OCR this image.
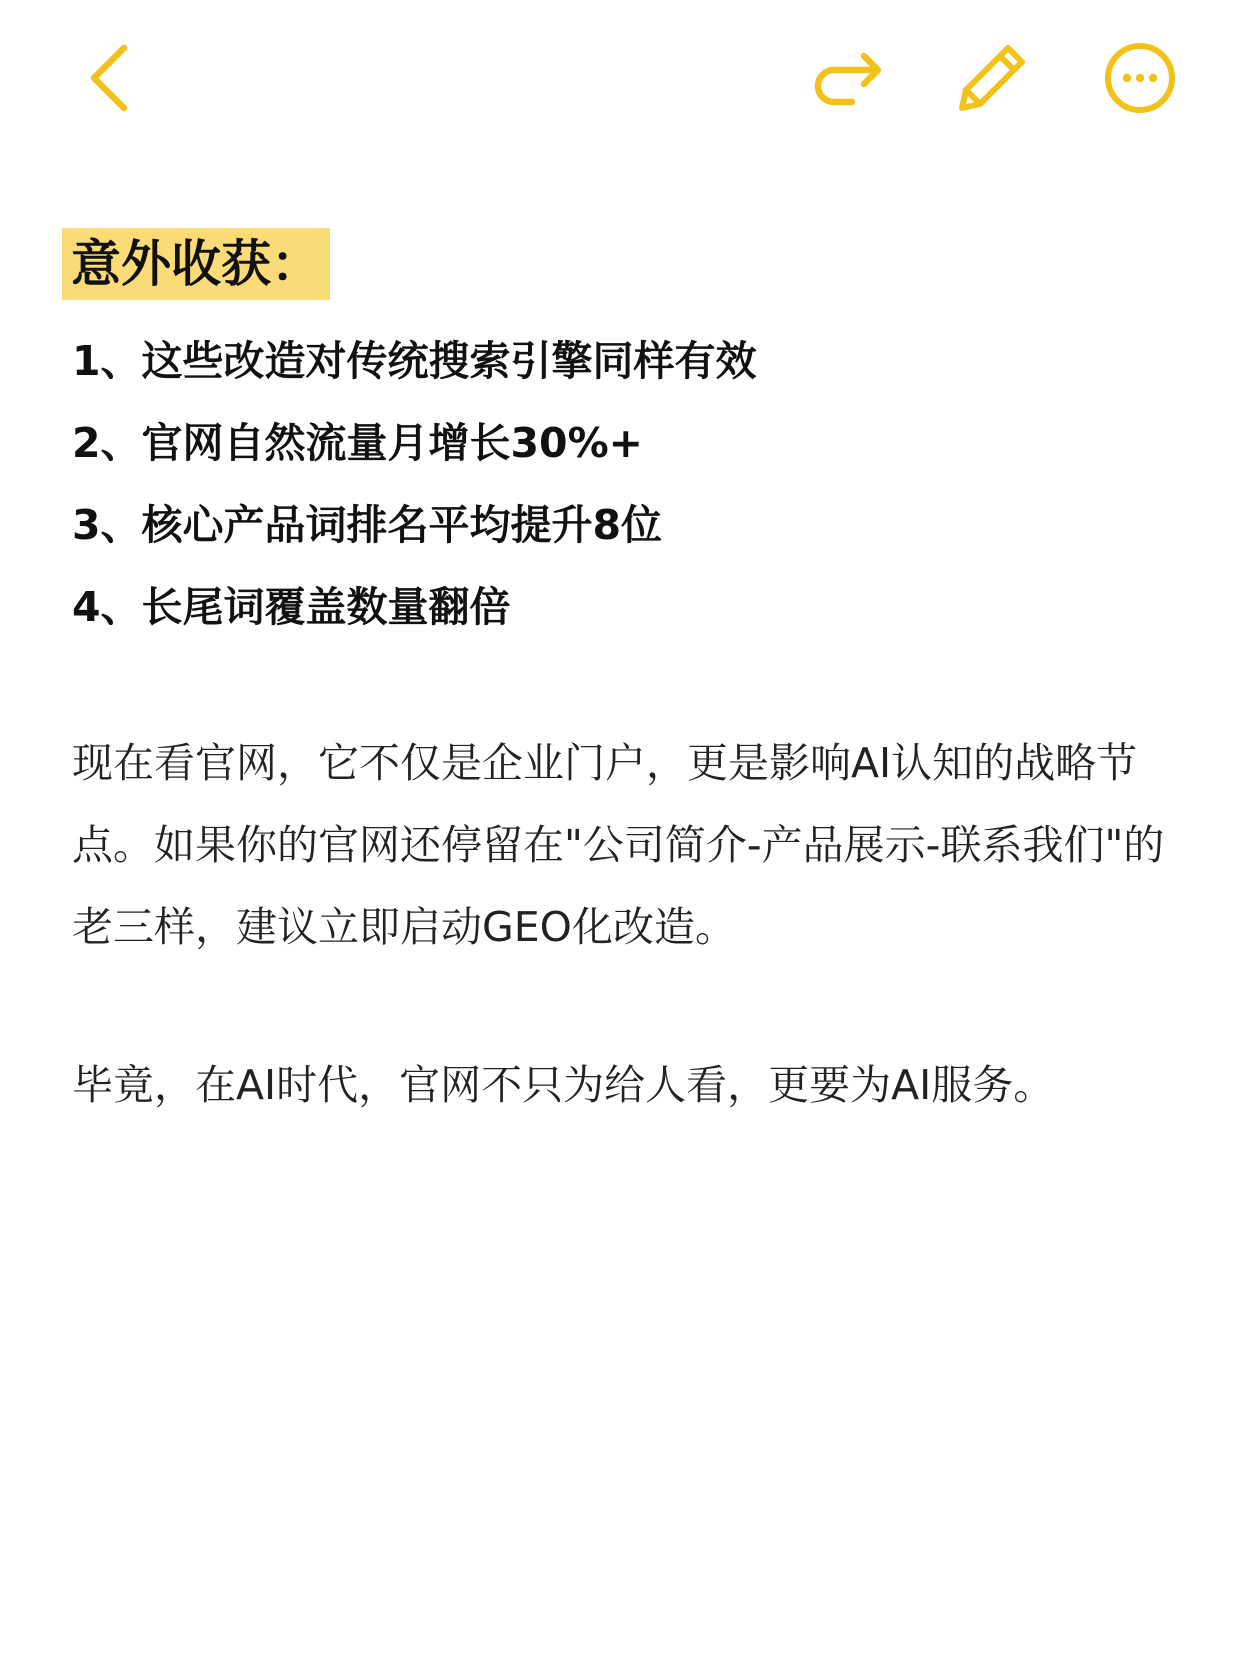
意外收获：
1、这些改造对传统搜索引擎同样有效
2、官网自然流量月增长30%+
3、核心产品词排名平均提升8位
4、长尾词覆盖数量翻倍

现在看官网，它不仅是企业门户，更是影响AI认知的战略节
点。如果你的官网还停留在"公司简介-产品展示-联系我们"的
老三样，建议立即启动GEO化改造。

毕竟，在AI时代，官网不只为给人看，更要为AI服务。
